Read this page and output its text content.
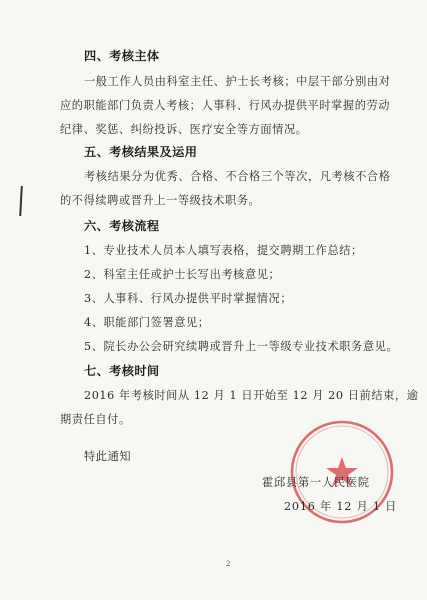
四、考核主体
一般工作人员由科室主任、护士长考核；中层干部分别由对
应的职能部门负责人考核；人事科、行风办提供平时掌握的劳动
纪律、奖惩、纠纷投诉、医疗安全等方面情况。
五、考核结果及运用
考核结果分为优秀、合格、不合格三个等次，凡考核不合格
的不得续聘或晋升上一等级技术职务。
六、考核流程
1、专业技术人员本人填写表格，提交聘期工作总结；
2、科室主任或护士长写出考核意见；
3、人事科、行风办提供平时掌握情况；
4、职能部门签署意见；
5、院长办公会研究续聘或晋升上一等级专业技术职务意见。
七、考核时间
2016 年考核时间从 12 月 1 日开始至 12 月 20 日前结束，逾
期责任自付。
特此通知
霍邱县第一人民医院
2016 年 12 月 1 日
2
